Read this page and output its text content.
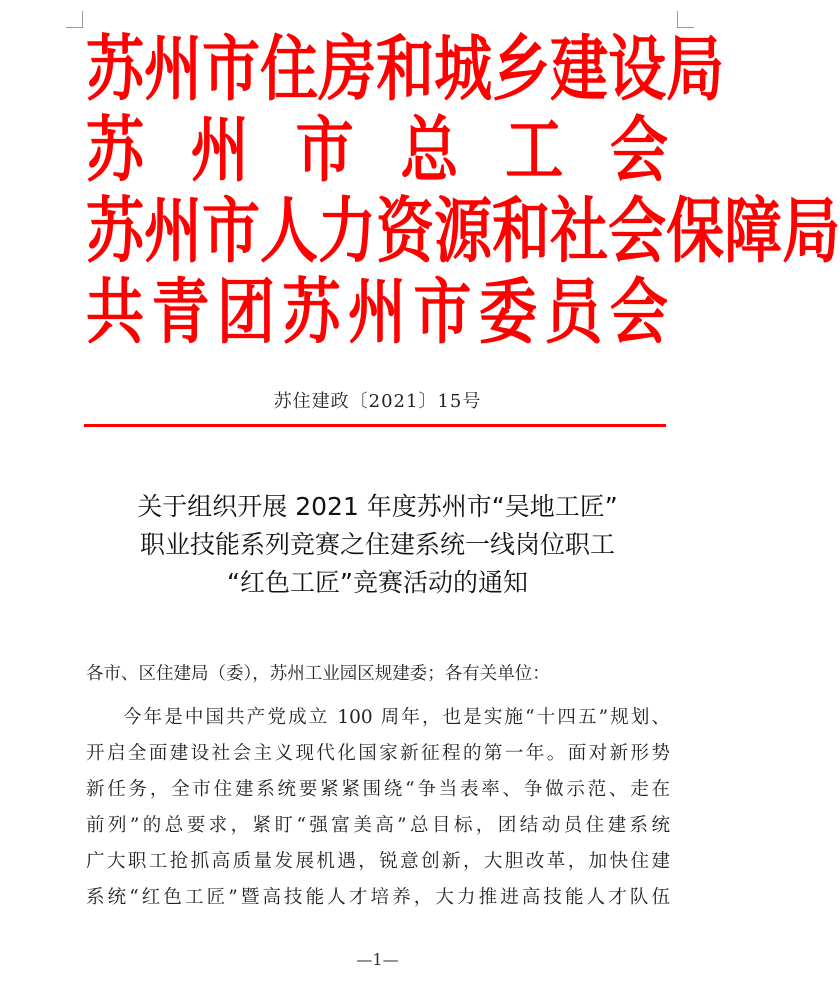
苏 州 市 住 房 和 城 乡 建 设 局
苏 州 市 总 工 会
苏 州 市 人 力 资 源 和 社 会 保 障 局
共 青 团 苏 州 市 委 员 会
苏住建政〔2021〕15号
关于组织开展 2021 年度苏州市“吴地工匠”
职业技能系列竞赛之住建系统一线岗位职工
“红色工匠”竞赛活动的通知
各市、区住建局（委），苏州工业园区规建委；各有关单位：
今年是中国共产党成立 100 周年，也是实施“十四五”规划、
开启全面建设社会主义现代化国家新征程的第一年。面对新形势
新任务，全市住建系统要紧紧围绕“争当表率、争做示范、走在
前列”的总要求，紧盯“强富美高”总目标，团结动员住建系统
广大职工抢抓高质量发展机遇，锐意创新，大胆改革，加快住建
系统“红色工匠”暨高技能人才培养，大力推进高技能人才队伍
—1—
